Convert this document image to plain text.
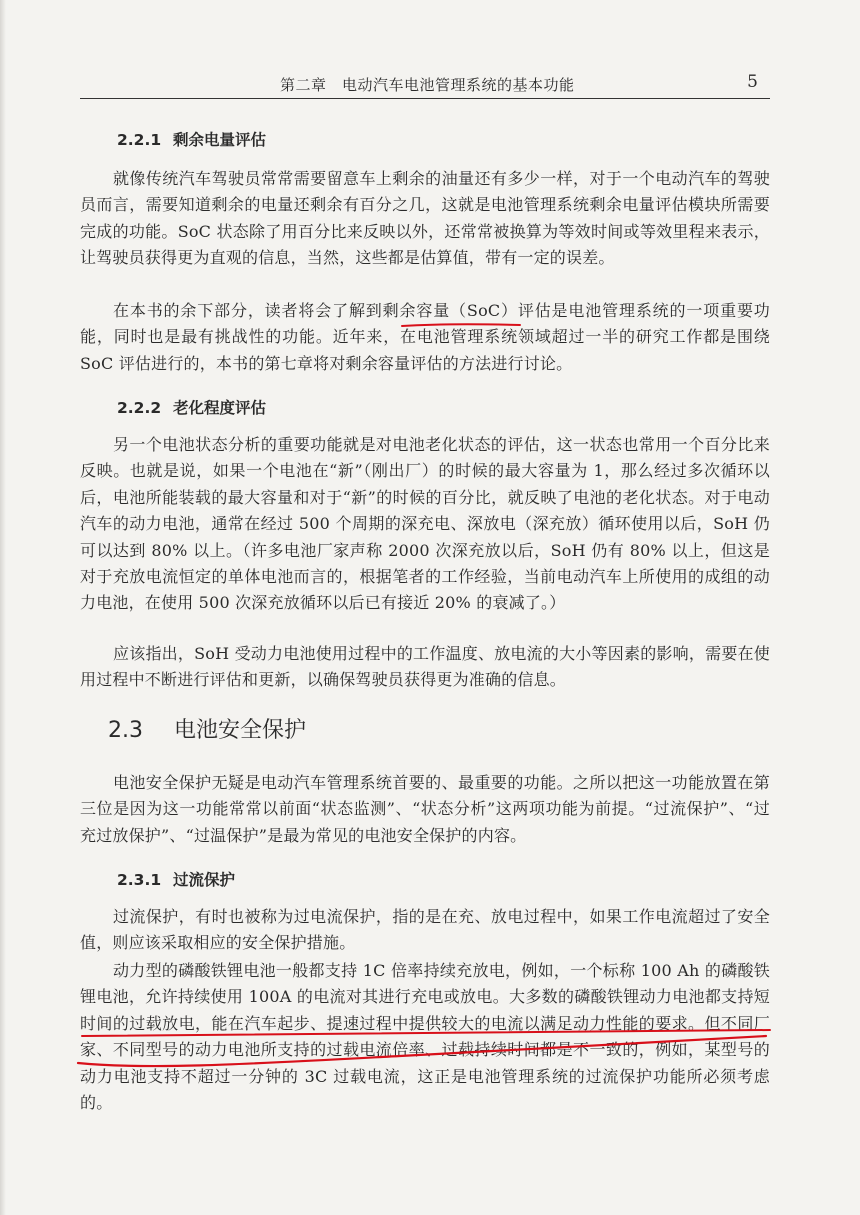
第二章　电动汽车电池管理系统的基本功能	5
2.2.1 剩余电量评估

就像传统汽车驾驶员常常需要留意车上剩余的油量还有多少一样，对于一个电动汽车的驾驶员而言，需要知道剩余的电量还剩余有百分之几，这就是电池管理系统剩余电量评估模块所需要完成的功能。SoC 状态除了用百分比来反映以外，还常常被换算为等效时间或等效里程来表示，让驾驶员获得更为直观的信息，当然，这些都是估算值，带有一定的误差。

在本书的余下部分，读者将会了解到剩余容量（SoC）评估是电池管理系统的一项重要功能，同时也是最有挑战性的功能。近年来，在电池管理系统领域超过一半的研究工作都是围绕 SoC 评估进行的，本书的第七章将对剩余容量评估的方法进行讨论。

2.2.2 老化程度评估

另一个电池状态分析的重要功能就是对电池老化状态的评估，这一状态也常用一个百分比来反映。也就是说，如果一个电池在“新”（刚出厂）的时候的最大容量为 1，那么经过多次循环以后，电池所能装载的最大容量和对于“新”的时候的百分比，就反映了电池的老化状态。对于电动汽车的动力电池，通常在经过 500 个周期的深充电、深放电（深充放）循环使用以后，SoH 仍可以达到 80% 以上。（许多电池厂家声称 2000 次深充放以后，SoH 仍有 80% 以上，但这是对于充放电流恒定的单体电池而言的，根据笔者的工作经验，当前电动汽车上所使用的成组的动力电池，在使用 500 次深充放循环以后已有接近 20% 的衰减了。）

应该指出，SoH 受动力电池使用过程中的工作温度、放电流的大小等因素的影响，需要在使用过程中不断进行评估和更新，以确保驾驶员获得更为准确的信息。

2.3 电池安全保护

电池安全保护无疑是电动汽车管理系统首要的、最重要的功能。之所以把这一功能放置在第三位是因为这一功能常常以前面“状态监测”、“状态分析”这两项功能为前提。“过流保护”、“过充过放保护”、“过温保护”是最为常见的电池安全保护的内容。

2.3.1 过流保护

过流保护，有时也被称为过电流保护，指的是在充、放电过程中，如果工作电流超过了安全值，则应该采取相应的安全保护措施。

动力型的磷酸铁锂电池一般都支持 1C 倍率持续充放电，例如，一个标称 100 Ah 的磷酸铁锂电池，允许持续使用 100A 的电流对其进行充电或放电。大多数的磷酸铁锂动力电池都支持短时间的过载放电，能在汽车起步、提速过程中提供较大的电流以满足动力性能的要求。但不同厂家、不同型号的动力电池所支持的过载电流倍率、过载持续时间都是不一致的，例如，某型号的动力电池支持不超过一分钟的 3C 过载电流，这正是电池管理系统的过流保护功能所必须考虑的。
